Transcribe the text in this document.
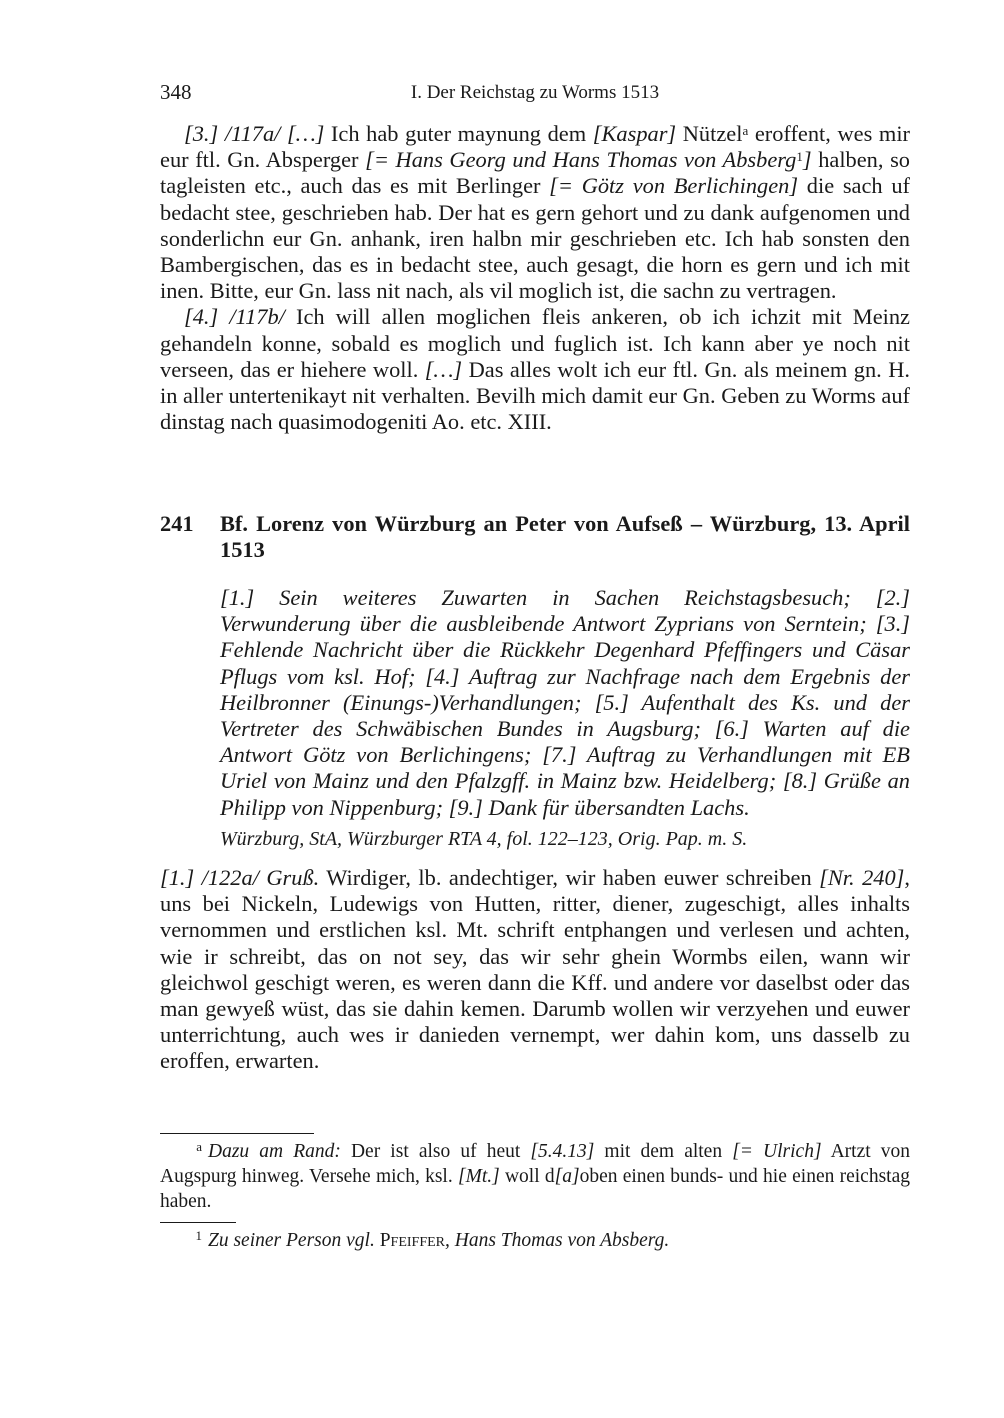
348	I. Der Reichstag zu Worms 1513

[3.] /117a/ […] Ich hab guter maynung dem [Kaspar] Nützel$^a$ eroffent, wes mir eur ftl. Gn. Absperger [= Hans Georg und Hans Thomas von Absberg$^1$] halben, so tagleisten etc., auch das es mit Berlinger [= Götz von Berlichingen] die sach uf bedacht stee, geschrieben hab. Der hat es gern gehort und zu dank aufgenomen und sonderlichn eur Gn. anhank, iren halbn mir geschrieben etc. Ich hab sonsten den Bambergischen, das es in bedacht stee, auch gesagt, die horn es gern und ich mit inen. Bitte, eur Gn. lass nit nach, als vil moglich ist, die sachn zu vertragen.

[4.] /117b/ Ich will allen moglichen fleis ankeren, ob ich ichzit mit Meinz gehandeln konne, sobald es moglich und fuglich ist. Ich kann aber ye noch nit verseen, das er hiehere woll. […] Das alles wolt ich eur ftl. Gn. als meinem gn. H. in aller untertenikayt nit verhalten. Bevilh mich damit eur Gn. Geben zu Worms auf dinstag nach quasimodogeniti Ao. etc. XIII.

241 Bf. Lorenz von Würzburg an Peter von Aufseß – Würzburg, 13. April 1513

[1.] Sein weiteres Zuwarten in Sachen Reichstagsbesuch; [2.] Verwunderung über die ausbleibende Antwort Zyprians von Serntein; [3.] Fehlende Nachricht über die Rückkehr Degenhard Pfeffingers und Cäsar Pflugs vom ksl. Hof; [4.] Auftrag zur Nachfrage nach dem Ergebnis der Heilbronner (Einungs-)Verhandlungen; [5.] Aufenthalt des Ks. und der Vertreter des Schwäbischen Bundes in Augsburg; [6.] Warten auf die Antwort Götz von Berlichingens; [7.] Auftrag zu Verhandlungen mit EB Uriel von Mainz und den Pfalzgff. in Mainz bzw. Heidelberg; [8.] Grüße an Philipp von Nippenburg; [9.] Dank für übersandten Lachs.

Würzburg, StA, Würzburger RTA 4, fol. 122–123, Orig. Pap. m. S.

[1.] /122a/ Gruß. Wirdiger, lb. andechtiger, wir haben euwer schreiben [Nr. 240], uns bei Nickeln, Ludewigs von Hutten, ritter, diener, zugeschigt, alles inhalts vernommen und erstlichen ksl. Mt. schrift entphangen und verlesen und achten, wie ir schreibt, das on not sey, das wir sehr ghein Wormbs eilen, wann wir gleichwol geschigt weren, es weren dann die Kff. und andere vor daselbst oder das man gewyeß wüst, das sie dahin kemen. Darumb wollen wir verzyehen und euwer unterrichtung, auch wes ir danieden vernempt, wer dahin kom, uns dasselb zu eroffen, erwarten.

$^a$ Dazu am Rand: Der ist also uf heut [5.4.13] mit dem alten [= Ulrich] Artzt von Augspurg hinweg. Versehe mich, ksl. [Mt.] woll d[a]oben einen bunds- und hie einen reichstag haben.

$^1$ Zu seiner Person vgl. Pfeiffer, Hans Thomas von Absberg.
